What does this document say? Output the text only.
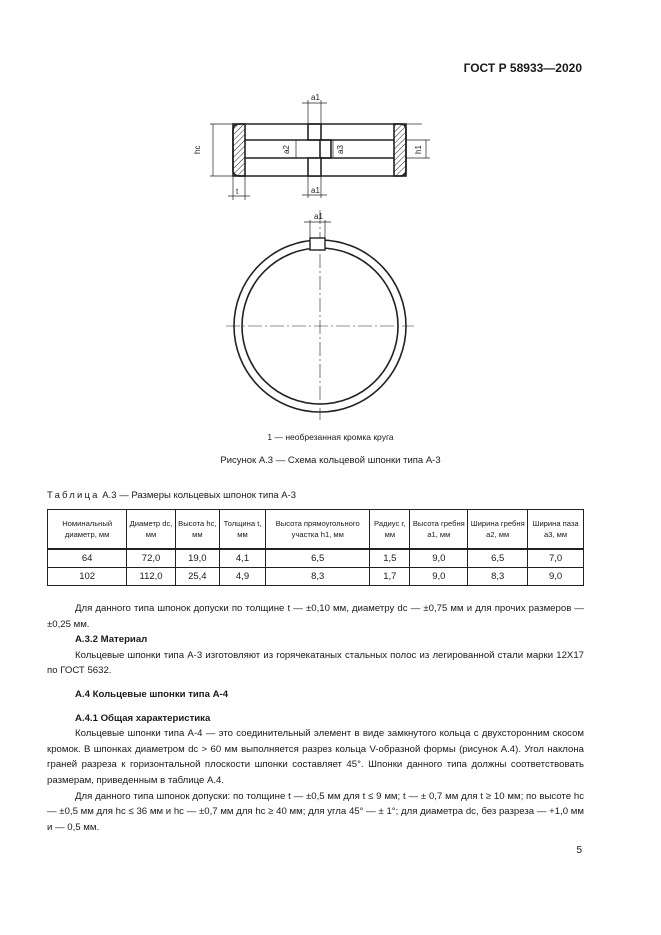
ГОСТ Р 58933—2020
hc	h1
t
a1
a1
a2	a3
a1
1 — необрезанная кромка круга
Рисунок А.3 — Схема кольцевой шпонки типа А-3
Таблица А.3 — Размеры кольцевых шпонок типа А-3
Номинальный диаметр, мм	Диаметр dc, мм	Высота hc, мм	Толщина t, мм	Высота прямоугольного участка h1, мм	Радиус r, мм	Высота гребня a1, мм	Ширина гребня a2, мм	Ширина паза a3, мм
64	72,0	19,0	4,1	6,5	1,5	9,0	6,5	7,0
102	112,0	25,4	4,9	8,3	1,7	9,0	8,3	9,0

Для данного типа шпонок допуски по толщине t — ±0,10 мм, диаметру dc — ±0,75 мм и для прочих размеров — ±0,25 мм.

А.3.2 Материал

Кольцевые шпонки типа А-3 изготовляют из горячекатаных стальных полос из легированной стали марки 12Х17 по ГОСТ 5632.

А.4 Кольцевые шпонки типа А-4

А.4.1 Общая характеристика

Кольцевые шпонки типа А-4 — это соединительный элемент в виде замкнутого кольца с двухсторонним скосом кромок. В шпонках диаметром dc > 60 мм выполняется разрез кольца V-образной формы (рисунок А.4). Угол наклона граней разреза к горизонтальной плоскости шпонки составляет 45°. Шпонки данного типа должны соответствовать размерам, приведенным в таблице А.4.

Для данного типа шпонок допуски: по толщине t — ±0,5 мм для t ≤ 9 мм; t — ± 0,7 мм для t ≥ 10 мм; по высоте hc — ±0,5 мм для hc ≤ 36 мм и hc — ±0,7 мм для hc ≥ 40 мм; для угла 45° — ± 1°; для диаметра dc, без разреза — +1,0 мм и — 0,5 мм.

5
